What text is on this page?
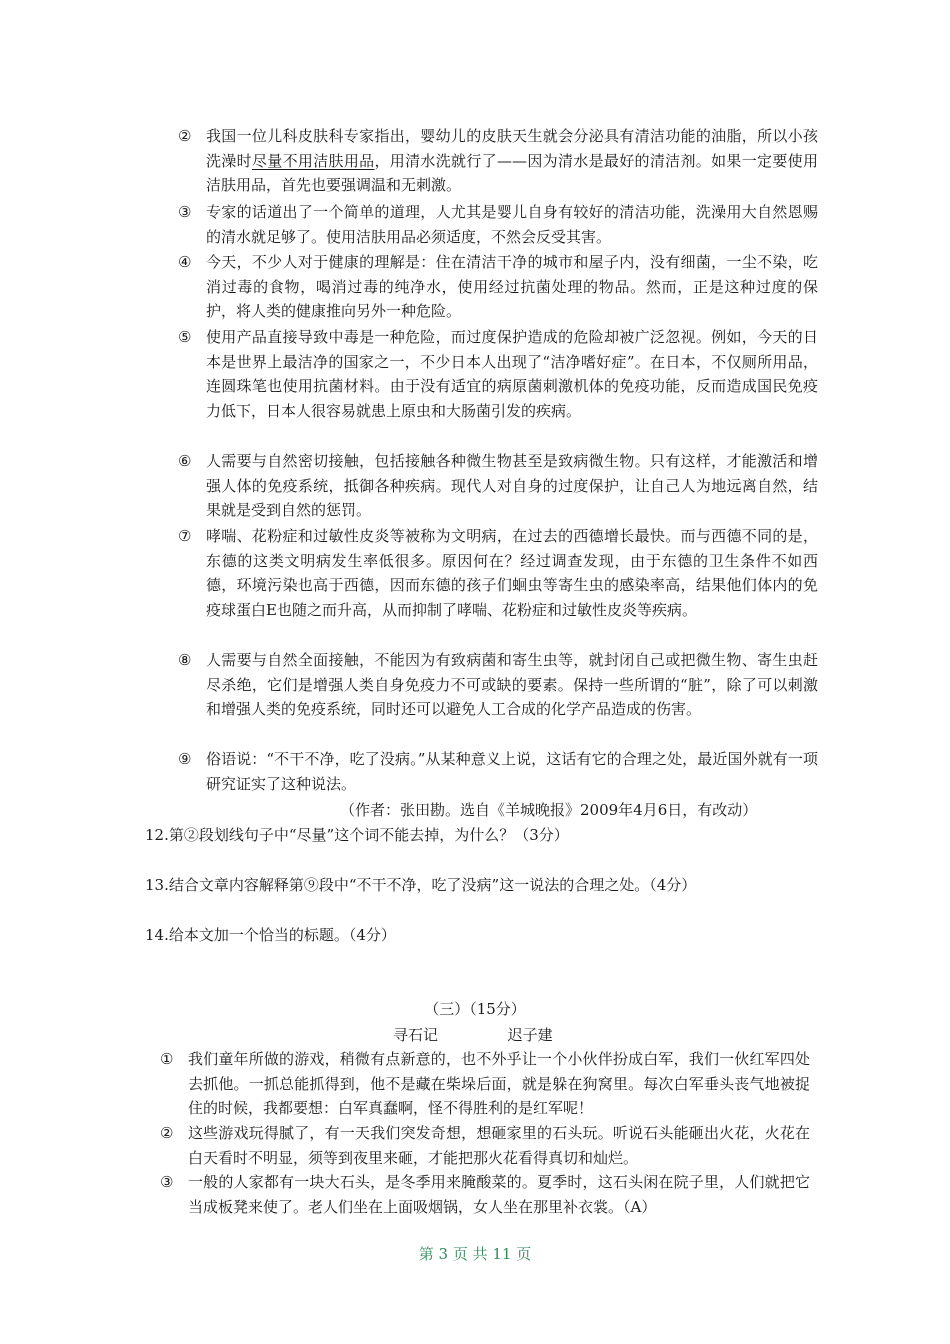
② 我国一位儿科皮肤科专家指出，婴幼儿的皮肤天生就会分泌具有清洁功能的油脂，所以小孩洗澡时尽量不用洁肤用品，用清水洗就行了——因为清水是最好的清洁剂。如果一定要使用洁肤用品，首先也要强调温和无刺激。
③ 专家的话道出了一个简单的道理，人尤其是婴儿自身有较好的清洁功能，洗澡用大自然恩赐的清水就足够了。使用洁肤用品必须适度，不然会反受其害。
④ 今天，不少人对于健康的理解是：住在清洁干净的城市和屋子内，没有细菌，一尘不染，吃消过毒的食物，喝消过毒的纯净水，使用经过抗菌处理的物品。然而，正是这种过度的保护，将人类的健康推向另外一种危险。
⑤ 使用产品直接导致中毒是一种危险，而过度保护造成的危险却被广泛忽视。例如，今天的日本是世界上最洁净的国家之一，不少日本人出现了“洁净嗜好症”。在日本，不仅厕所用品，连圆珠笔也使用抗菌材料。由于没有适宜的病原菌刺激机体的免疫功能，反而造成国民免疫力低下，日本人很容易就患上原虫和大肠菌引发的疾病。
⑥ 人需要与自然密切接触，包括接触各种微生物甚至是致病微生物。只有这样，才能激活和增强人体的免疫系统，抵御各种疾病。现代人对自身的过度保护，让自己人为地远离自然，结果就是受到自然的惩罚。
⑦ 哮喘、花粉症和过敏性皮炎等被称为文明病，在过去的西德增长最快。而与西德不同的是，东德的这类文明病发生率低很多。原因何在？经过调查发现，由于东德的卫生条件不如西德，环境污染也高于西德，因而东德的孩子们蛔虫等寄生虫的感染率高，结果他们体内的免疫球蛋白E也随之而升高，从而抑制了哮喘、花粉症和过敏性皮炎等疾病。
⑧ 人需要与自然全面接触，不能因为有致病菌和寄生虫等，就封闭自己或把微生物、寄生虫赶尽杀绝，它们是增强人类自身免疫力不可或缺的要素。保持一些所谓的“脏”，除了可以刺激和增强人类的免疫系统，同时还可以避免人工合成的化学产品造成的伤害。
⑨ 俗语说：“不干不净，吃了没病。”从某种意义上说，这话有它的合理之处，最近国外就有一项研究证实了这种说法。
（作者：张田勘。选自《羊城晚报》2009年4月6日，有改动）
12.第②段划线句子中“尽量”这个词不能去掉，为什么？（3分）
13.结合文章内容解释第⑨段中“不干不净，吃了没病”这一说法的合理之处。（4分）
14.给本文加一个恰当的标题。（4分）
（三）（15分）
寻石记	迟子建
① 我们童年所做的游戏，稍微有点新意的，也不外乎让一个小伙伴扮成白军，我们一伙红军四处去抓他。一抓总能抓得到，他不是藏在柴垛后面，就是躲在狗窝里。每次白军垂头丧气地被捉住的时候，我都要想：白军真蠢啊，怪不得胜利的是红军呢！
② 这些游戏玩得腻了，有一天我们突发奇想，想砸家里的石头玩。听说石头能砸出火花，火花在白天看时不明显，须等到夜里来砸，才能把那火花看得真切和灿烂。
③ 一般的人家都有一块大石头，是冬季用来腌酸菜的。夏季时，这石头闲在院子里，人们就把它当成板凳来使了。老人们坐在上面吸烟锅，女人坐在那里补衣裳。（A）
第 3 页 共 11 页
